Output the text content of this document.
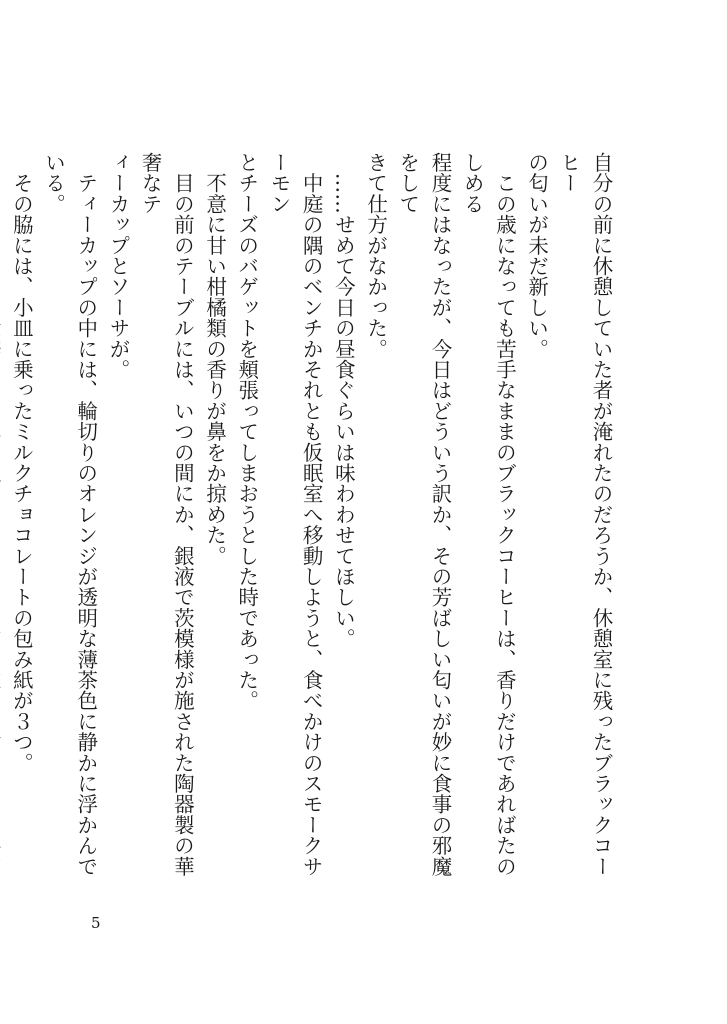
自分の前に休憩していた者が淹れたのだろうか、休憩室に残ったブラックコーヒー

の匂いが未だ新しい。

　この歳になっても苦手なままのブラックコーヒーは、香りだけであればたのしめる

程度にはなったが、今日はどういう訳か、その芳ばしい匂いが妙に食事の邪魔をして

きて仕方がなかった。

　……せめて今日の昼食ぐらいは味わわせてほしい。

　中庭の隅のベンチかそれとも仮眠室へ移動しようと、食べかけのスモークサーモン

とチーズのバゲットを頬張ってしまおうとした時であった。

　不意に甘い柑橘類の香りが鼻をか掠めた。

　目の前のテーブルには、いつの間にか、銀液で茨模様が施された陶器製の華奢なテ

ィーカップとソーサが。

　ティーカップの中には、輪切りのオレンジが透明な薄茶色に静かに浮かんでいる。

　その脇には、小皿に乗ったミルクチョコレートの包み紙が３つ。

5
